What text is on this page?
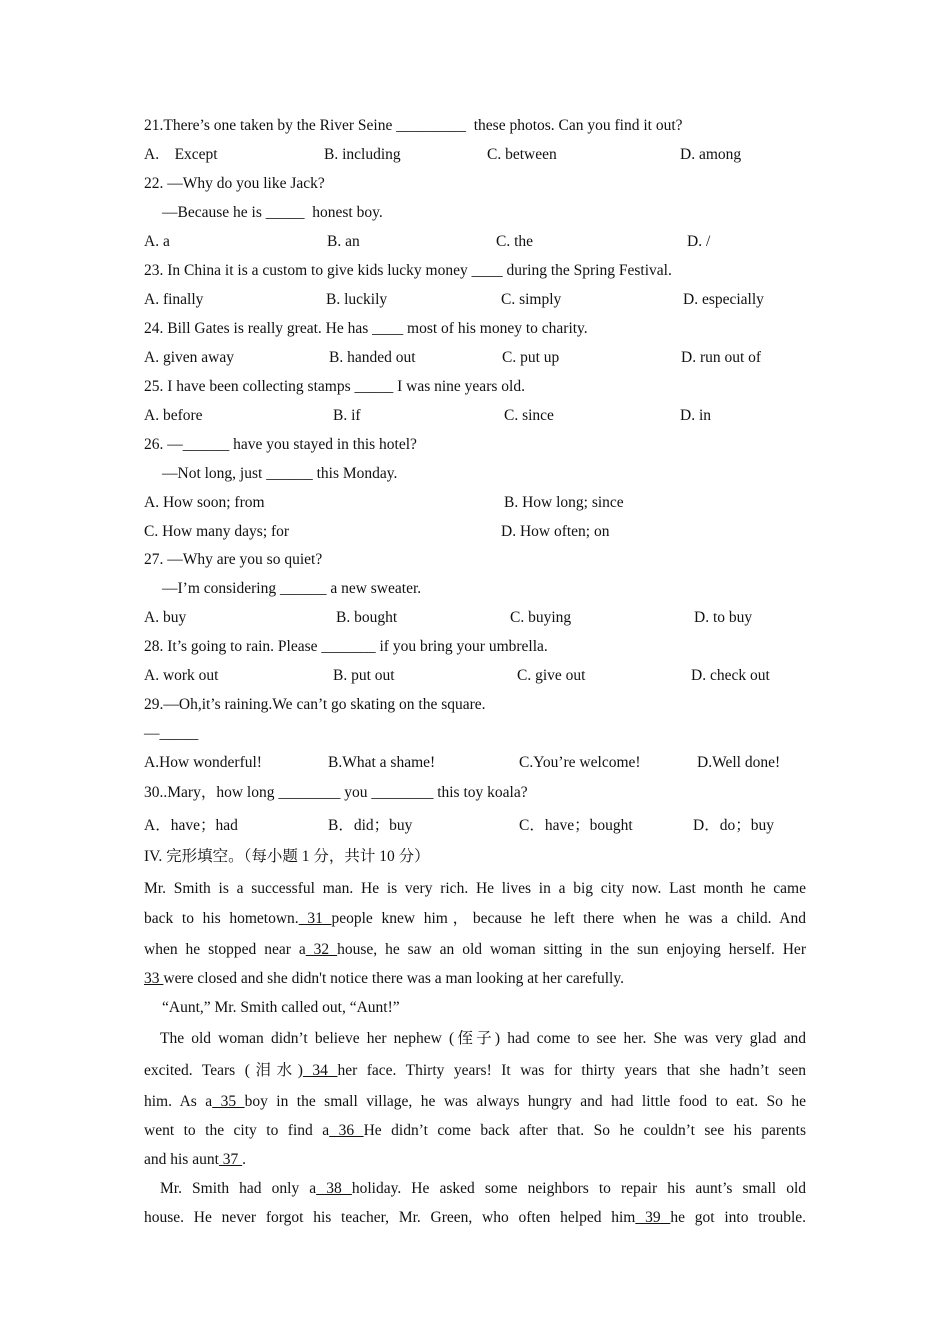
21.There’s one taken by the River Seine _________  these photos. Can you find it out?
A.    Except	B. including	C. between	D. among
22. —Why do you like Jack?
—Because he is _____  honest boy.
A. a	B. an	C. the	D. /
23. In China it is a custom to give kids lucky money ____ during the Spring Festival.
A. finally	B. luckily	C. simply	D. especially
24. Bill Gates is really great. He has ____ most of his money to charity.
A. given away	B. handed out	C. put up	D. run out of
25. I have been collecting stamps _____ I was nine years old.
A. before	B. if	C. since	D. in
26. —______ have you stayed in this hotel?
—Not long, just ______ this Monday.
A. How soon; from	B. How long; since
C. How many days; for	D. How often; on
27. —Why are you so quiet?
—I’m considering ______ a new sweater.
A. buy	B. bought	C. buying	D. to buy
28. It’s going to rain. Please _______ if you bring your umbrella.
A. work out	B. put out	C. give out	D. check out
29.—Oh,it’s raining.We can’t go skating on the square.
—_____
A.How wonderful!	B.What a shame!	C.You’re welcome!	D.Well done!
30..Mary，how long ________ you ________ this toy koala?
A．have；had	B．did；buy	C．have；bought	D．do；buy
IV. 完形填空。（每小题 1 分，共计 10 分）
Mr. Smith is a successful man. He is very rich. He lives in a big city now. Last month he came
back to his hometown. 31 people knew him，because he left there when he was a child. And
when he stopped near a 32 house, he saw an old woman sitting in the sun enjoying herself. Her
33 were closed and she didn't notice there was a man looking at her carefully.
“Aunt,” Mr. Smith called out, “Aunt!”
The old woman didn’t believe her nephew (侄子) had come to see her. She was very glad and
excited. Tears (泪水) 34 her face. Thirty years! It was for thirty years that she hadn’t seen
him. As a 35 boy in the small village, he was always hungry and had little food to eat. So he
went to the city to find a 36 He didn’t come back after that. So he couldn’t see his parents
and his aunt 37 .
Mr. Smith had only a 38 holiday. He asked some neighbors to repair his aunt’s small old
house. He never forgot his teacher, Mr. Green, who often helped him 39 he got into trouble.
